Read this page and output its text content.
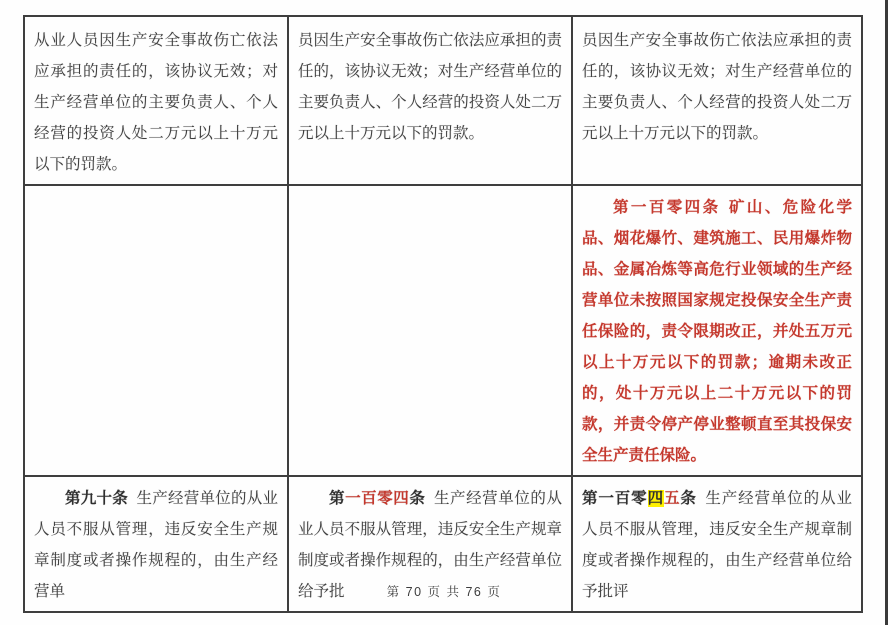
从业人员因生产安全事故伤亡依法应承担的责任的，该协议无效；对生产经营单位的主要负责人、个人经营的投资人处二万元以上十万元以下的罚款。	员因生产安全事故伤亡依法应承担的责任的，该协议无效；对生产经营单位的主要负责人、个人经营的投资人处二万元以上十万元以下的罚款。	员因生产安全事故伤亡依法应承担的责任的，该协议无效；对生产经营单位的主要负责人、个人经营的投资人处二万元以上十万元以下的罚款。

		第一百零四条 矿山、危险化学品、烟花爆竹、建筑施工、民用爆炸物品、金属冶炼等高危行业领域的生产经营单位未按照国家规定投保安全生产责任保险的，责令限期改正，并处五万元以上十万元以下的罚款；逾期未改正的，处十万元以上二十万元以下的罚款，并责令停产停业整顿直至其投保安全生产责任保险。

第九十条 生产经营单位的从业人员不服从管理，违反安全生产规章制度或者操作规程的，由生产经营单	第一百零四条 生产经营单位的从业人员不服从管理，违反安全生产规章制度或者操作规程的，由生产经营单位给予批	第一百零四五条 生产经营单位的从业人员不服从管理，违反安全生产规章制度或者操作规程的，由生产经营单位给予批评

第 70 页 共 76 页
